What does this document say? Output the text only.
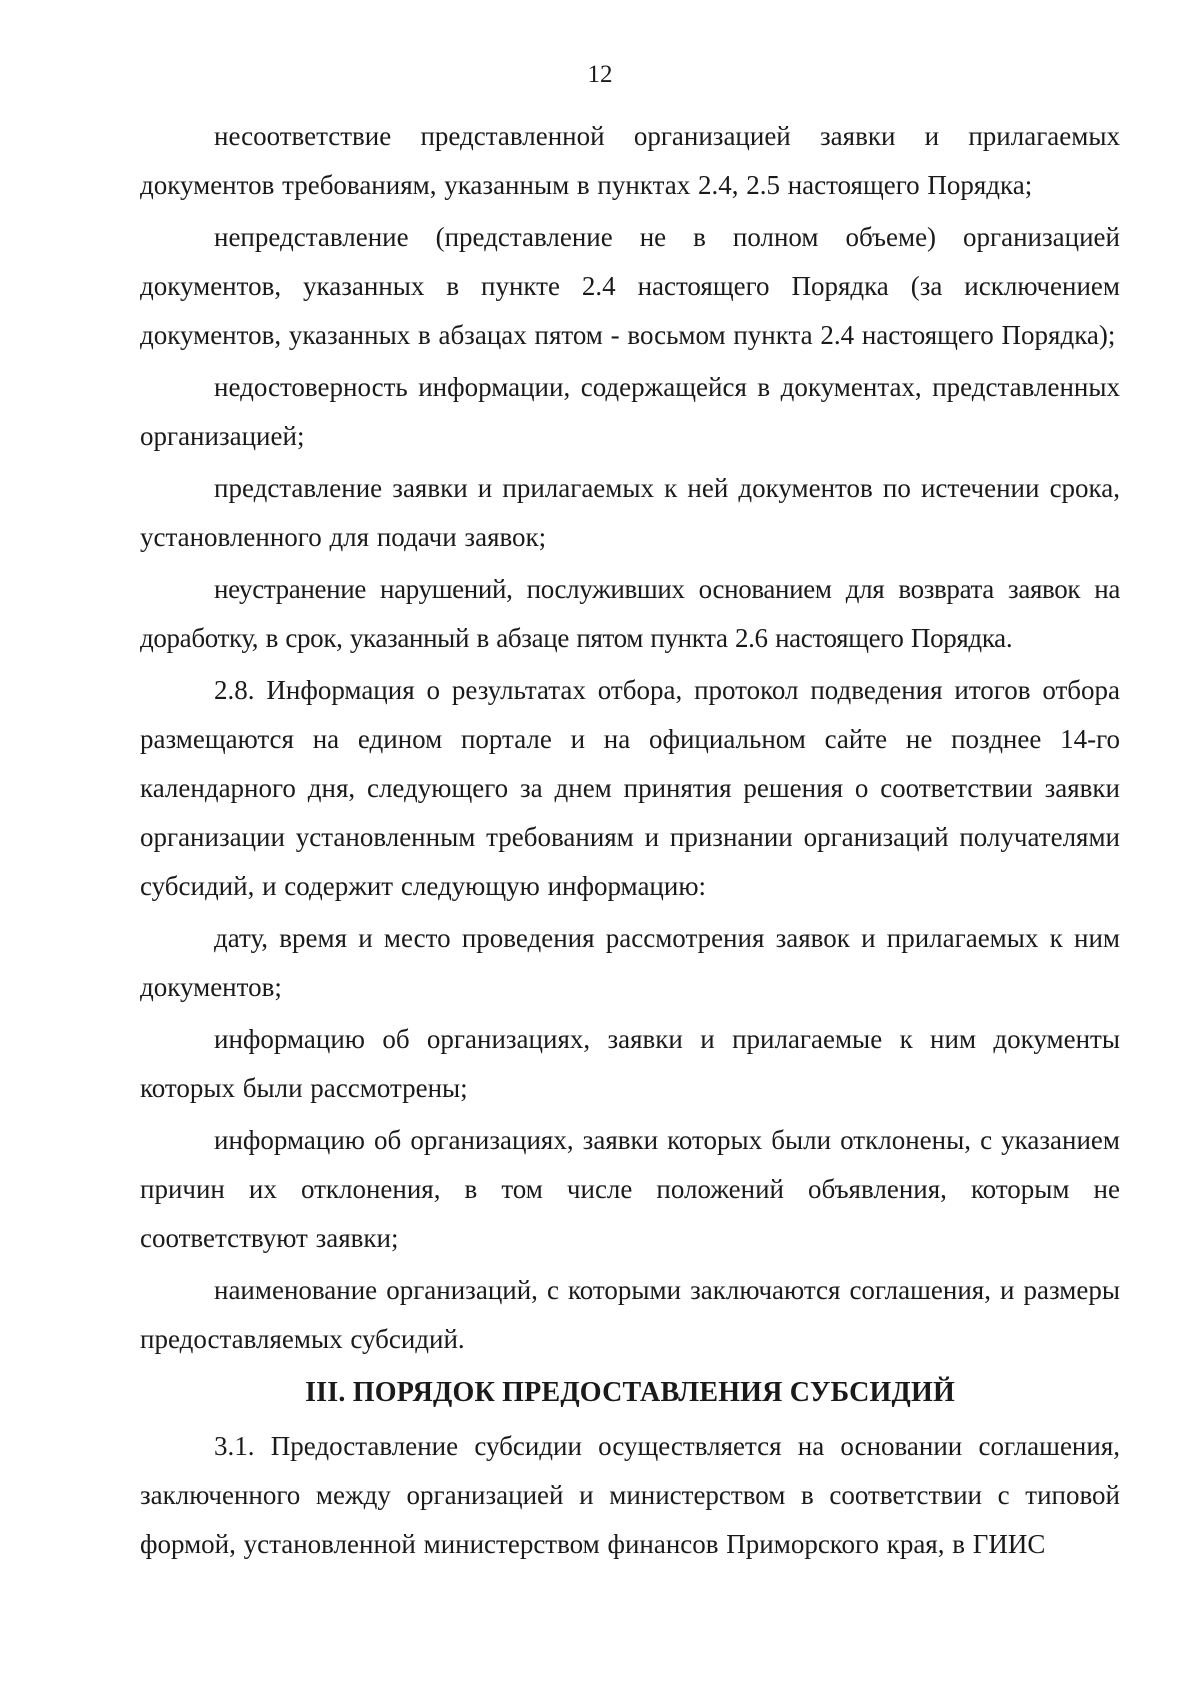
12

несоответствие представленной организацией заявки и прилагаемых документов требованиям, указанным в пунктах 2.4, 2.5 настоящего Порядка;

непредставление (представление не в полном объеме) организацией документов, указанных в пункте 2.4 настоящего Порядка (за исключением документов, указанных в абзацах пятом - восьмом пункта 2.4 настоящего Порядка);

недостоверность информации, содержащейся в документах, представленных организацией;

представление заявки и прилагаемых к ней документов по истечении срока, установленного для подачи заявок;

неустранение нарушений, послуживших основанием для возврата заявок на доработку, в срок, указанный в абзаце пятом пункта 2.6 настоящего Порядка.

2.8. Информация о результатах отбора, протокол подведения итогов отбора размещаются на едином портале и на официальном сайте не позднее 14-го календарного дня, следующего за днем принятия решения о соответствии заявки организации установленным требованиям и признании организаций получателями субсидий, и содержит следующую информацию:

дату, время и место проведения рассмотрения заявок и прилагаемых к ним документов;

информацию об организациях, заявки и прилагаемые к ним документы которых были рассмотрены;

информацию об организациях, заявки которых были отклонены, с указанием причин их отклонения, в том числе положений объявления, которым не соответствуют заявки;

наименование организаций, с которыми заключаются соглашения, и размеры предоставляемых субсидий.

III. ПОРЯДОК ПРЕДОСТАВЛЕНИЯ СУБСИДИЙ

3.1. Предоставление субсидии осуществляется на основании соглашения, заключенного между организацией и министерством в соответствии с типовой формой, установленной министерством финансов Приморского края, в ГИИС
